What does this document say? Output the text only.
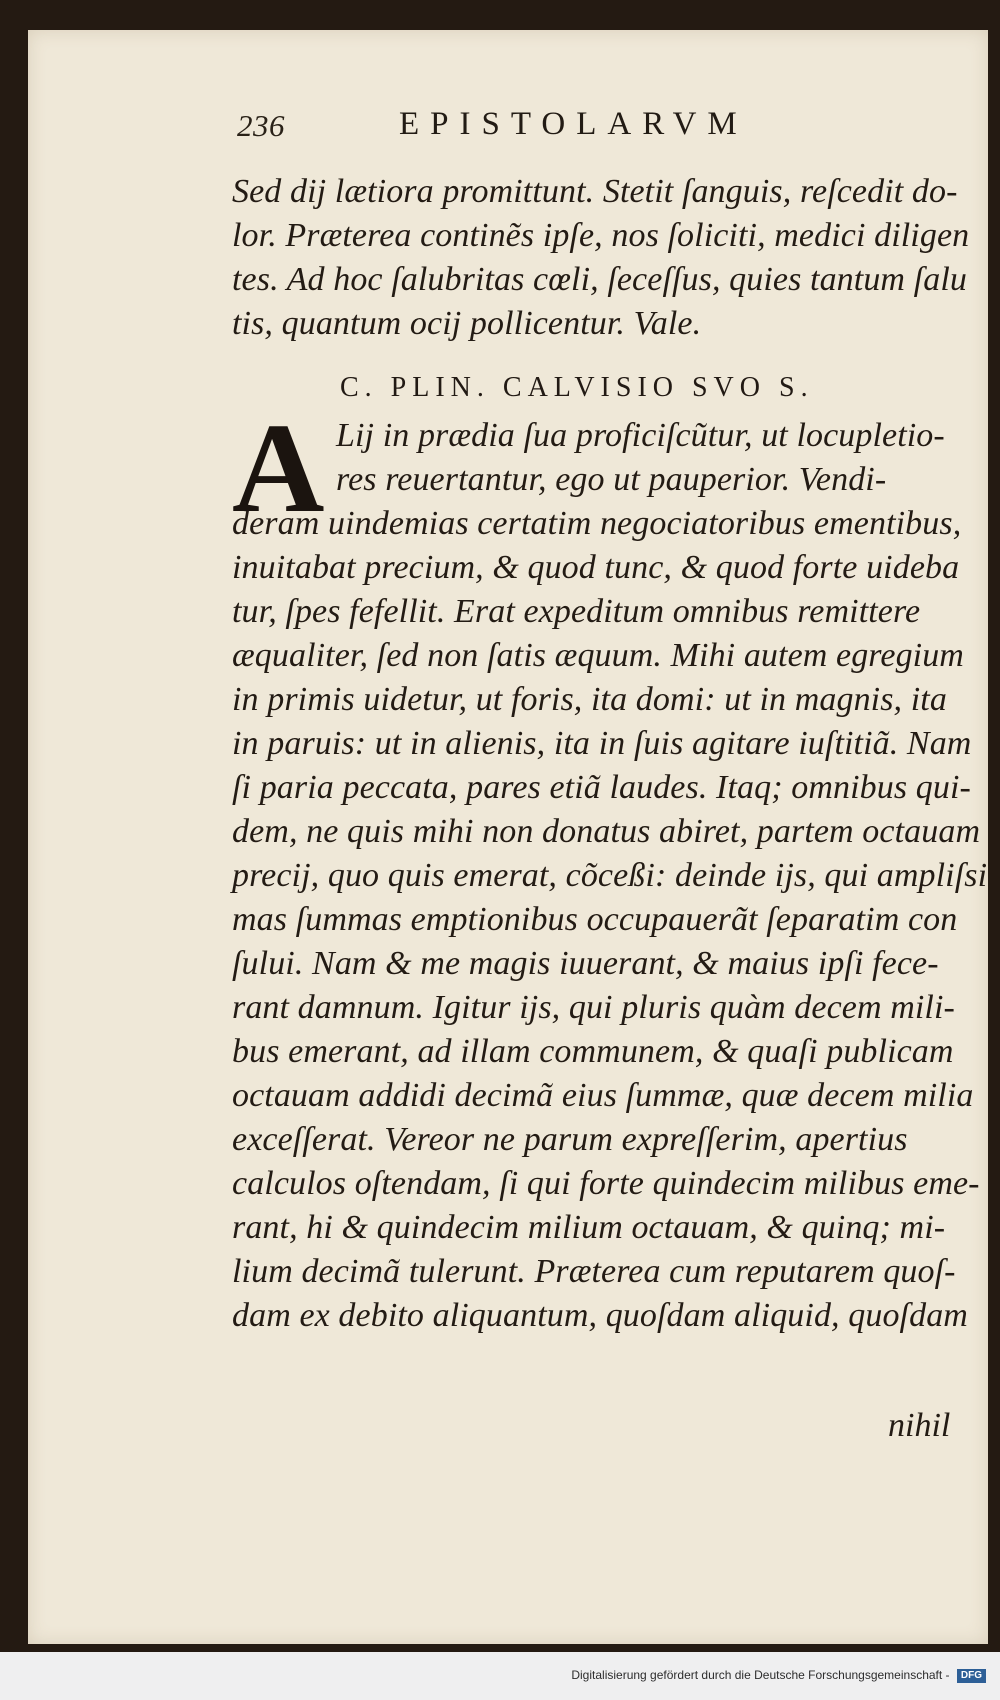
236	EPISTOLARVM
Sed dij lætiora promittunt. Stetit ſanguis, reſcedit do-
lor. Præterea continẽs ipſe, nos ſoliciti, medici diligen
tes. Ad hoc ſalubritas cœli, ſeceſſus, quies tantum ſalu
tis, quantum ocij pollicentur. Vale.
C. PLIN. CALVISIO SVO S.
Lij in prædia ſua proficiſcũtur, ut locupletio-
res reuertantur, ego ut pauperior. Vendi-
deram uindemias certatim negociatoribus ementibus,
inuitabat precium, & quod tunc, & quod forte uideba
tur, ſpes fefellit. Erat expeditum omnibus remittere
æqualiter, ſed non ſatis æquum. Mihi autem egregium
in primis uidetur, ut foris, ita domi: ut in magnis, ita
in paruis: ut in alienis, ita in ſuis agitare iuſtitiã. Nam
ſi paria peccata, pares etiã laudes. Itaq; omnibus qui-
dem, ne quis mihi non donatus abiret, partem octauam
precij, quo quis emerat, cõceßi: deinde ijs, qui ampliſsi
mas ſummas emptionibus occupauerãt ſeparatim con
ſului. Nam & me magis iuuerant, & maius ipſi fece-
rant damnum. Igitur ijs, qui pluris quàm decem mili-
bus emerant, ad illam communem, & quaſi publicam
octauam addidi decimã eius ſummæ, quæ decem milia
exceſſerat. Vereor ne parum expreſſerim, apertius
calculos oſtendam, ſi qui forte quindecim milibus eme-
rant, hi & quindecim milium octauam, & quinq; mi-
lium decimã tulerunt. Præterea cum reputarem quoſ-
dam ex debito aliquantum, quoſdam aliquid, quoſdam
A
nihil
Digitalisierung gefördert durch die Deutsche Forschungsgemeinschaft - DFG
